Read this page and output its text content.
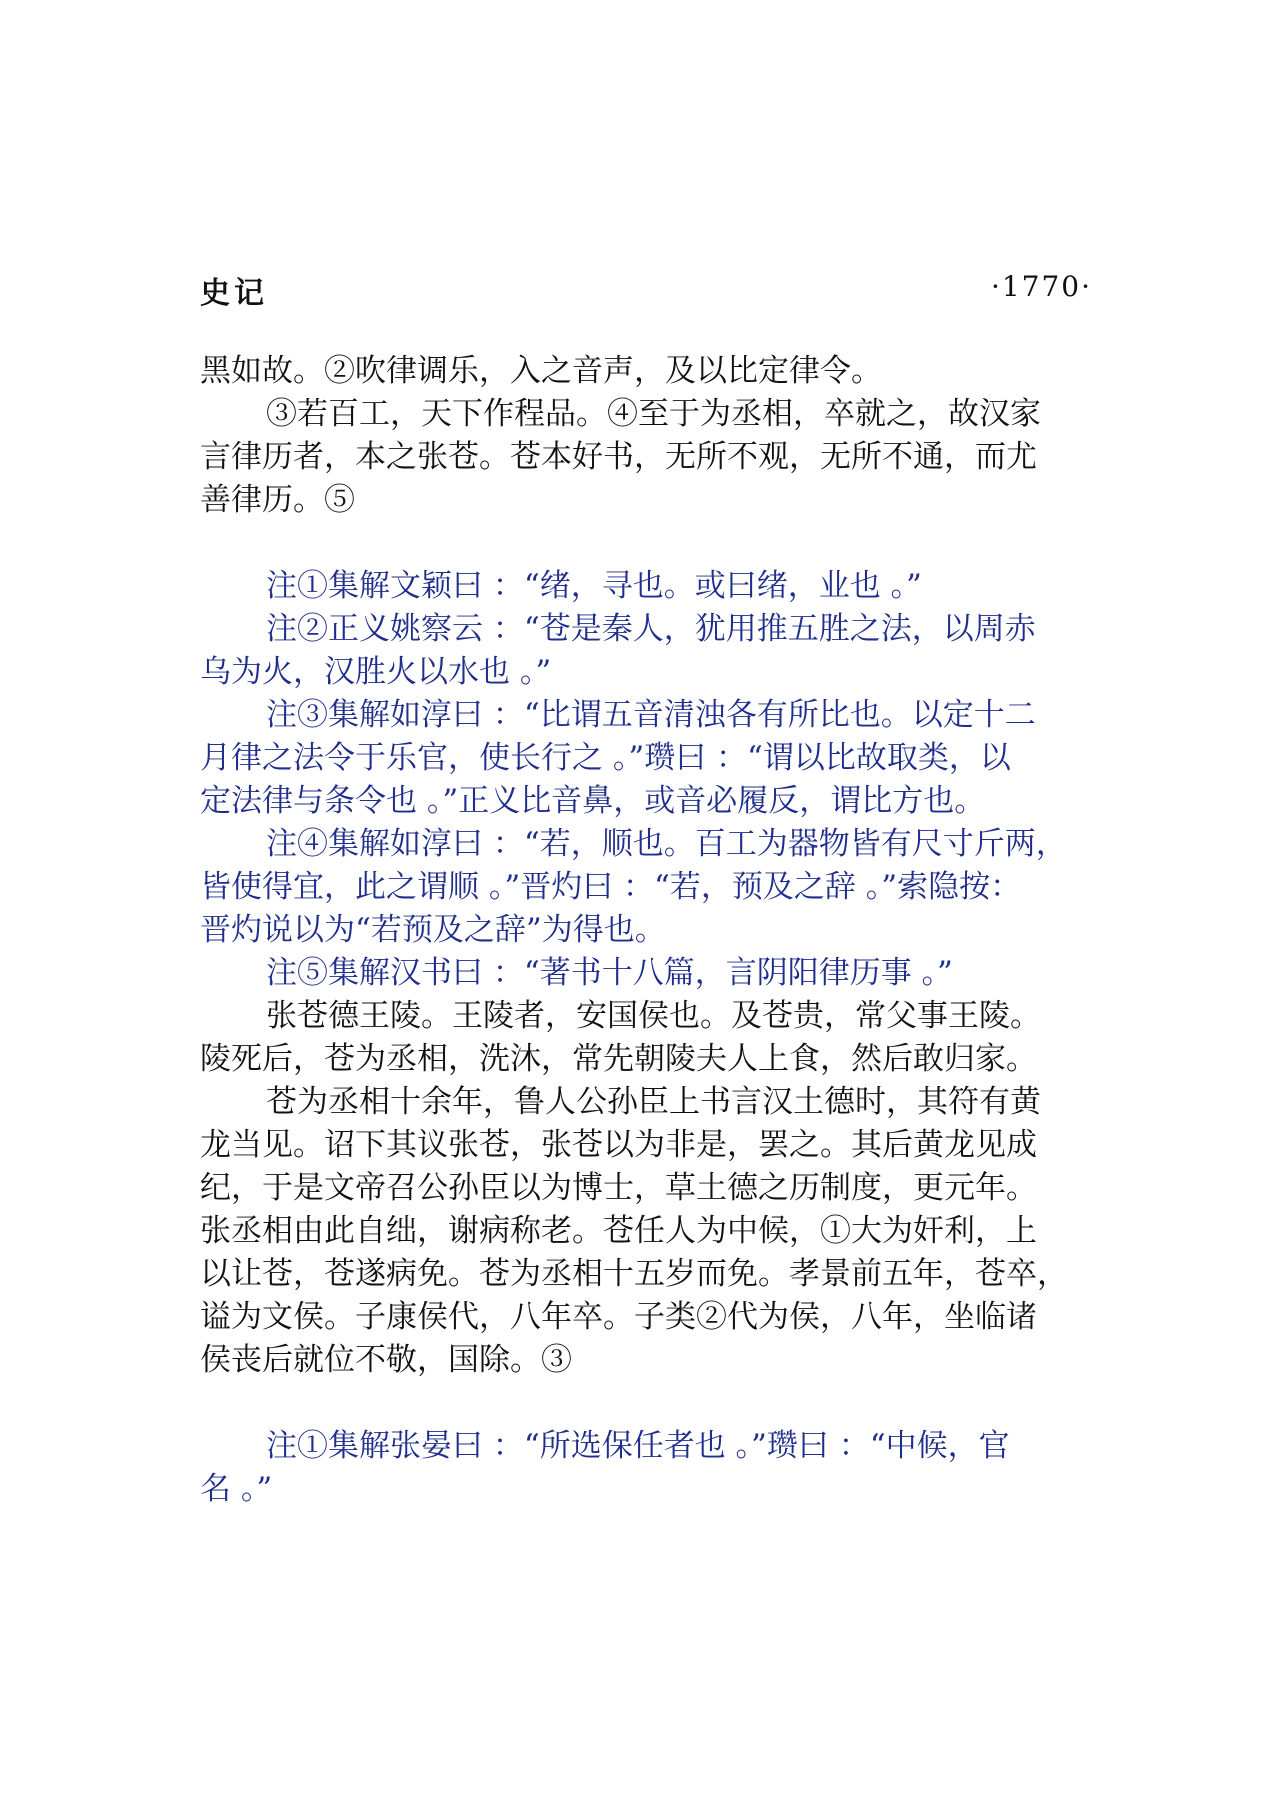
史记	·1770·
黑如故。②吹律调乐，入之音声，及以比定律令。
③若百工，天下作程品。④至于为丞相，卒就之，故汉家
言律历者，本之张苍。苍本好书，无所不观，无所不通，而尤
善律历。⑤
注①集解文颖曰 ：“绪，寻也。或曰绪，业也 。”
注②正义姚察云 ：“苍是秦人，犹用推五胜之法，以周赤
乌为火，汉胜火以水也 。”
注③集解如淳曰 ：“比谓五音清浊各有所比也。以定十二
月律之法令于乐官，使长行之 。”瓒曰 ：“谓以比故取类，以
定法律与条令也 。”正义比音鼻，或音必履反，谓比方也。
注④集解如淳曰 ：“若，顺也。百工为器物皆有尺寸斤两，
皆使得宜，此之谓顺 。”晋灼曰 ：“若，预及之辞 。”索隐按：
晋灼说以为“若预及之辞”为得也。
注⑤集解汉书曰 ：“著书十八篇，言阴阳律历事 。”
张苍德王陵。王陵者，安国侯也。及苍贵，常父事王陵。
陵死后，苍为丞相，洗沐，常先朝陵夫人上食，然后敢归家。
苍为丞相十余年，鲁人公孙臣上书言汉土德时，其符有黄
龙当见。诏下其议张苍，张苍以为非是，罢之。其后黄龙见成
纪，于是文帝召公孙臣以为博士，草土德之历制度，更元年。
张丞相由此自绌，谢病称老。苍任人为中候，①大为奸利，上
以让苍，苍遂病免。苍为丞相十五岁而免。孝景前五年，苍卒，
谥为文侯。子康侯代，八年卒。子类②代为侯，八年，坐临诸
侯丧后就位不敬，国除。③
注①集解张晏曰 ：“所选保任者也 。”瓒曰 ：“中候，官
名 。”
